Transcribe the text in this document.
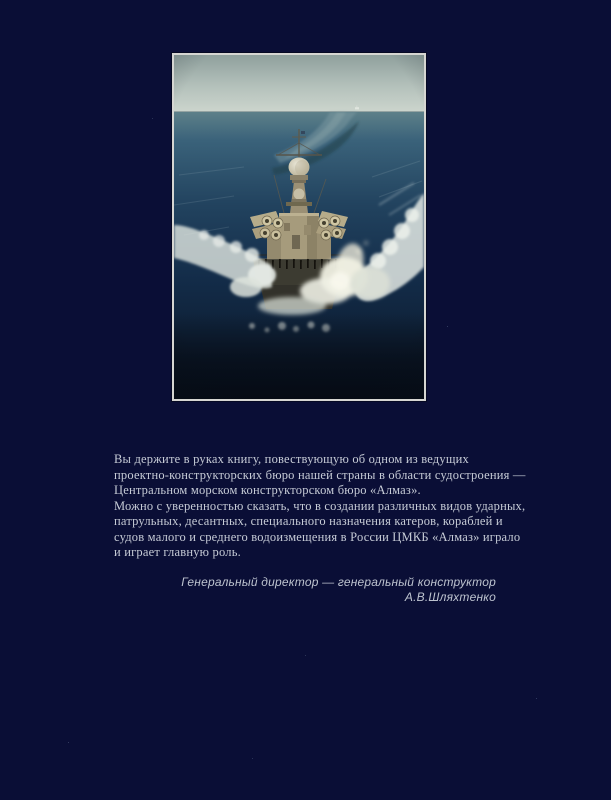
Вы держите в руках книгу, повествующую об одном из ведущих
проектно-конструкторских бюро нашей страны в области судостроения —
Центральном морском конструкторском бюро «Алмаз».
Можно с уверенностью сказать, что в создании различных видов ударных,
патрульных, десантных, специального назначения катеров, кораблей и
судов малого и среднего водоизмещения в России ЦМКБ «Алмаз» играло
и играет главную роль.
Генеральный директор — генеральный конструктор
А.В.Шляхтенко
